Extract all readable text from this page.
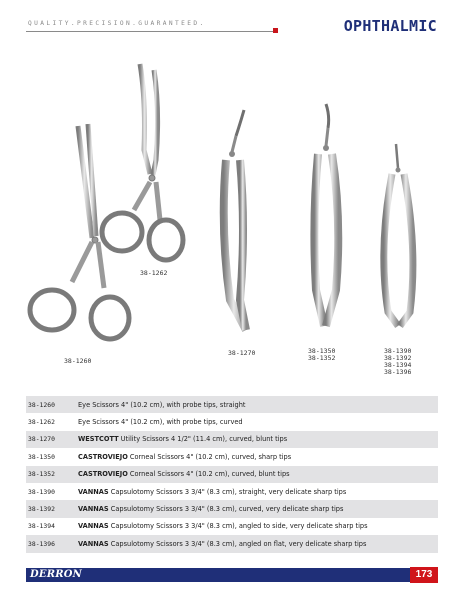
QUALITY.PRECISION.GUARANTEED.	OPHTHALMIC
38-1260
38-1262
38-1270	38-1350
38-1352
38-1390
38-1392
38-1394
38-1396
38-1260	Eye Scissors 4" (10.2 cm), with probe tips, straight
38-1262	Eye Scissors 4" (10.2 cm), with probe tips, curved
38-1270	WESTCOTT Utility Scissors 4 1/2" (11.4 cm), curved, blunt tips
38-1350	CASTROVIEJO Corneal Scissors 4" (10.2 cm), curved, sharp tips
38-1352	CASTROVIEJO Corneal Scissors 4" (10.2 cm), curved, blunt tips
38-1390	VANNAS Capsulotomy Scissors 3 3/4" (8.3 cm), straight, very delicate sharp tips
38-1392	VANNAS Capsulotomy Scissors 3 3/4" (8.3 cm), curved, very delicate sharp tips
38-1394	VANNAS Capsulotomy Scissors 3 3/4" (8.3 cm), angled to side, very delicate sharp tips
38-1396	VANNAS Capsulotomy Scissors 3 3/4" (8.3 cm), angled on flat, very delicate sharp tips
DERRON	173
